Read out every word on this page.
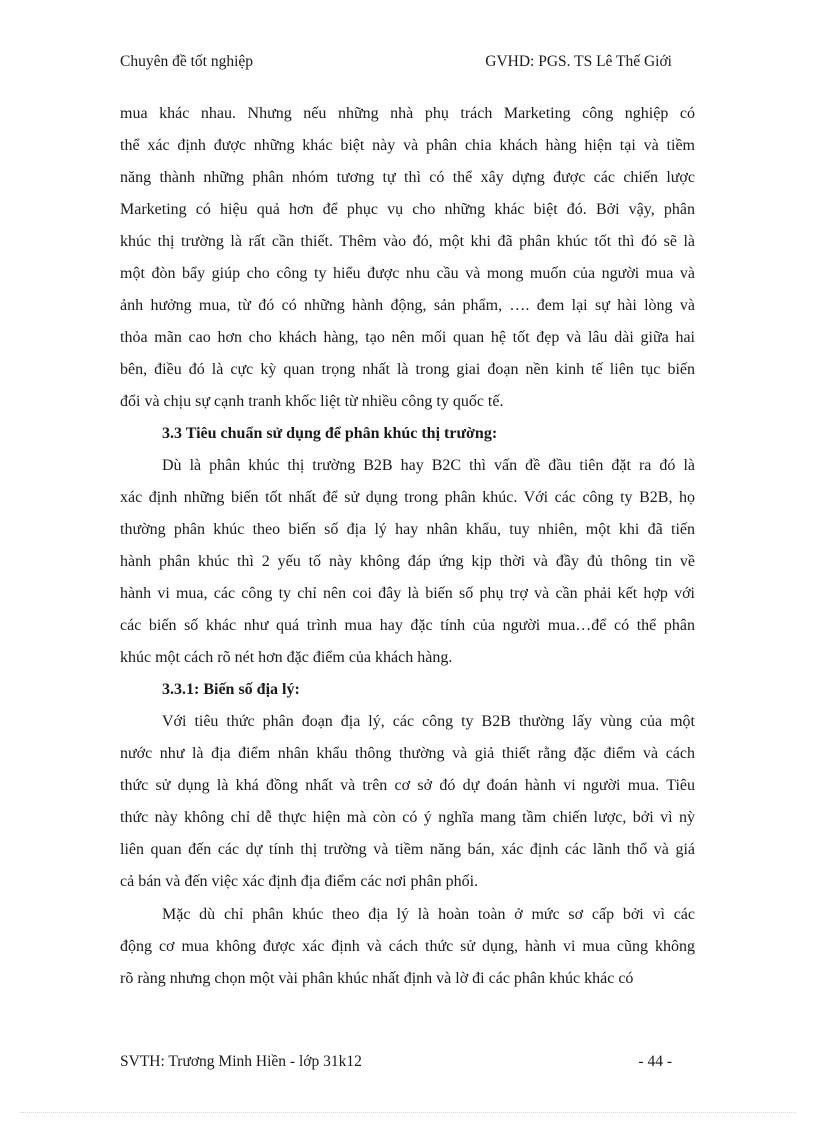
Chuyên đề tốt nghiệp	GVHD: PGS. TS Lê Thế Giới
mua khác nhau. Nhưng nếu những nhà phụ trách Marketing công nghiệp có
thể xác định được những khác biệt này và phân chia khách hàng hiện tại và tiềm
năng thành những phân nhóm tương tự thì có thể xây dựng được các chiến lược
Marketing có hiệu quả hơn để phục vụ cho những khác biệt đó. Bởi vậy, phân
khúc thị trường là rất cần thiết. Thêm vào đó, một khi đã phân khúc tốt thì đó sẽ là
một đòn bẩy giúp cho công ty hiểu được nhu cầu và mong muốn của người mua và
ảnh hưởng mua, từ đó có những hành động, sản phẩm, …. đem lại sự hài lòng và
thỏa mãn cao hơn cho khách hàng, tạo nên mối quan hệ tốt đẹp và lâu dài giữa hai
bên, điều đó là cực kỳ quan trọng nhất là trong giai đoạn nền kinh tế liên tục biến
đổi và chịu sự cạnh tranh khốc liệt từ nhiều công ty quốc tế.
3.3 Tiêu chuẩn sử dụng để phân khúc thị trường:
Dù là phân khúc thị trường B2B hay B2C thì vấn đề đầu tiên đặt ra đó là
xác định những biến tốt nhất để sử dụng trong phân khúc. Với các công ty B2B, họ
thường phân khúc theo biến số địa lý hay nhân khẩu, tuy nhiên, một khi đã tiến
hành phân khúc thì 2 yếu tố này không đáp ứng kịp thời và đầy đủ thông tin về
hành vi mua, các công ty chỉ nên coi đây là biến số phụ trợ và cần phải kết hợp với
các biến số khác như quá trình mua hay đặc tính của người mua…để có thể phân
khúc một cách rõ nét hơn đặc điểm của khách hàng.
3.3.1: Biến số địa lý:
Với tiêu thức phân đoạn địa lý, các công ty B2B thường lấy vùng của một
nước như là địa điểm nhân khẩu thông thường và giả thiết rằng đặc điểm và cách
thức sử dụng là khá đồng nhất và trên cơ sở đó dự đoán hành vi người mua. Tiêu
thức này không chỉ dễ thực hiện mà còn có ý nghĩa mang tầm chiến lược, bởi vì nỳ
liên quan đến các dự tính thị trường và tiềm năng bán, xác định các lãnh thổ và giá
cả bán và đến việc xác định địa điểm các nơi phân phối.
Mặc dù chỉ phân khúc theo địa lý là hoàn toàn ở mức sơ cấp bởi vì các
động cơ mua không được xác định và cách thức sử dụng, hành vi mua cũng không
rõ ràng nhưng chọn một vài phân khúc nhất định và lờ đi các phân khúc khác có
SVTH: Trương Minh Hiền - lớp 31k12	- 44 -
